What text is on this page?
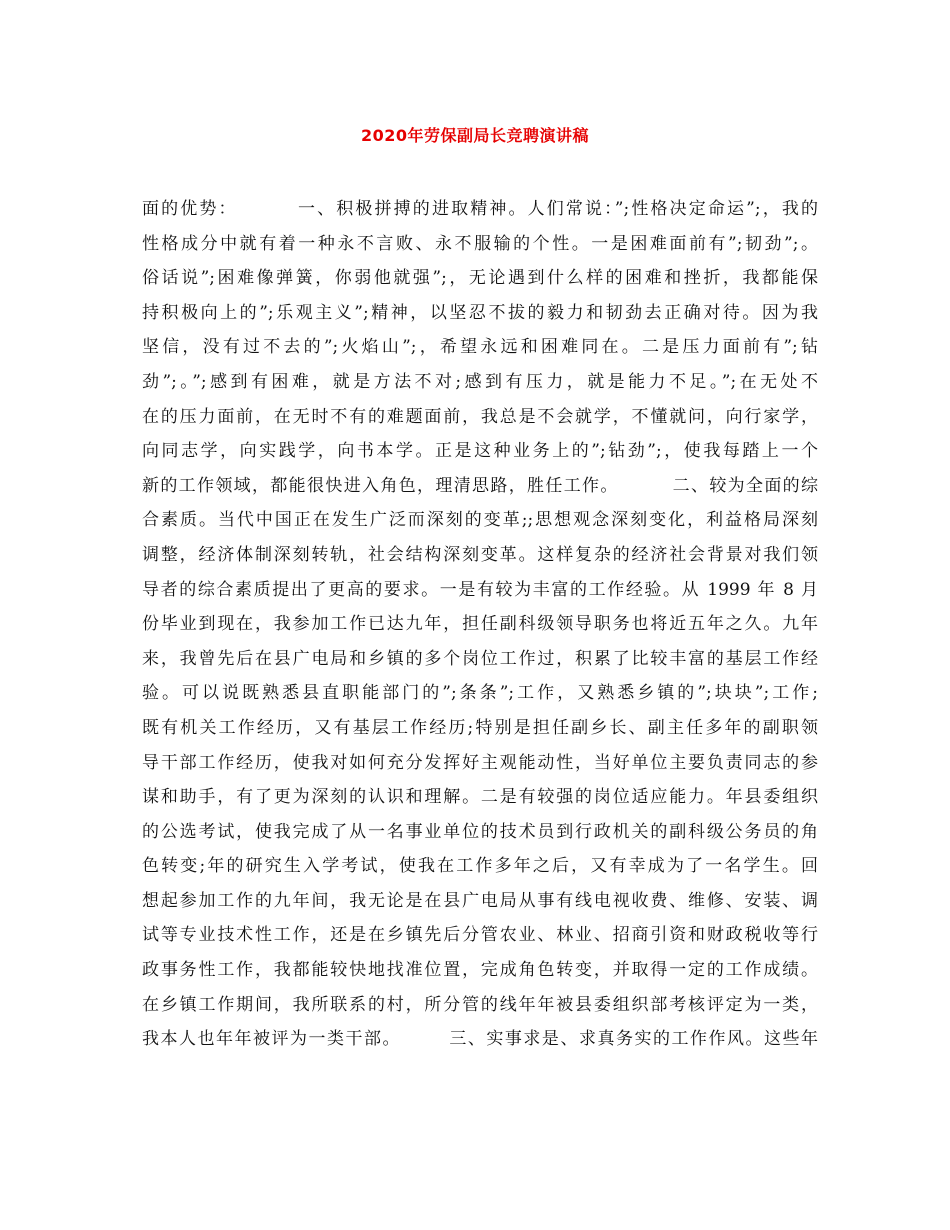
2020年劳保副局长竞聘演讲稿
面的优势：        一、积极拼搏的进取精神。人们常说：”;性格决定命运”;，我的
性格成分中就有着一种永不言败、永不服输的个性。一是困难面前有”;韧劲”;。
俗话说”;困难像弹簧，你弱他就强”;，无论遇到什么样的困难和挫折，我都能保
持积极向上的”;乐观主义”;精神，以坚忍不拔的毅力和韧劲去正确对待。因为我
坚信，没有过不去的”;火焰山”;，希望永远和困难同在。二是压力面前有”;钻
劲”;。”;感到有困难，就是方法不对;感到有压力，就是能力不足。”;在无处不
在的压力面前，在无时不有的难题面前，我总是不会就学，不懂就问，向行家学，
向同志学，向实践学，向书本学。正是这种业务上的”;钻劲”;，使我每踏上一个
新的工作领域，都能很快进入角色，理清思路，胜任工作。        二、较为全面的综
合素质。当代中国正在发生广泛而深刻的变革;;思想观念深刻变化，利益格局深刻
调整，经济体制深刻转轨，社会结构深刻变革。这样复杂的经济社会背景对我们领
导者的综合素质提出了更高的要求。一是有较为丰富的工作经验。从 1999 年 8 月
份毕业到现在，我参加工作已达九年，担任副科级领导职务也将近五年之久。九年
来，我曾先后在县广电局和乡镇的多个岗位工作过，积累了比较丰富的基层工作经
验。可以说既熟悉县直职能部门的”;条条”;工作，又熟悉乡镇的”;块块”;工作;
既有机关工作经历，又有基层工作经历;特别是担任副乡长、副主任多年的副职领
导干部工作经历，使我对如何充分发挥好主观能动性，当好单位主要负责同志的参
谋和助手，有了更为深刻的认识和理解。二是有较强的岗位适应能力。年县委组织
的公选考试，使我完成了从一名事业单位的技术员到行政机关的副科级公务员的角
色转变;年的研究生入学考试，使我在工作多年之后，又有幸成为了一名学生。回
想起参加工作的九年间，我无论是在县广电局从事有线电视收费、维修、安装、调
试等专业技术性工作，还是在乡镇先后分管农业、林业、招商引资和财政税收等行
政事务性工作，我都能较快地找准位置，完成角色转变，并取得一定的工作成绩。
在乡镇工作期间，我所联系的村，所分管的线年年被县委组织部考核评定为一类，
我本人也年年被评为一类干部。       三、实事求是、求真务实的工作作风。这些年
